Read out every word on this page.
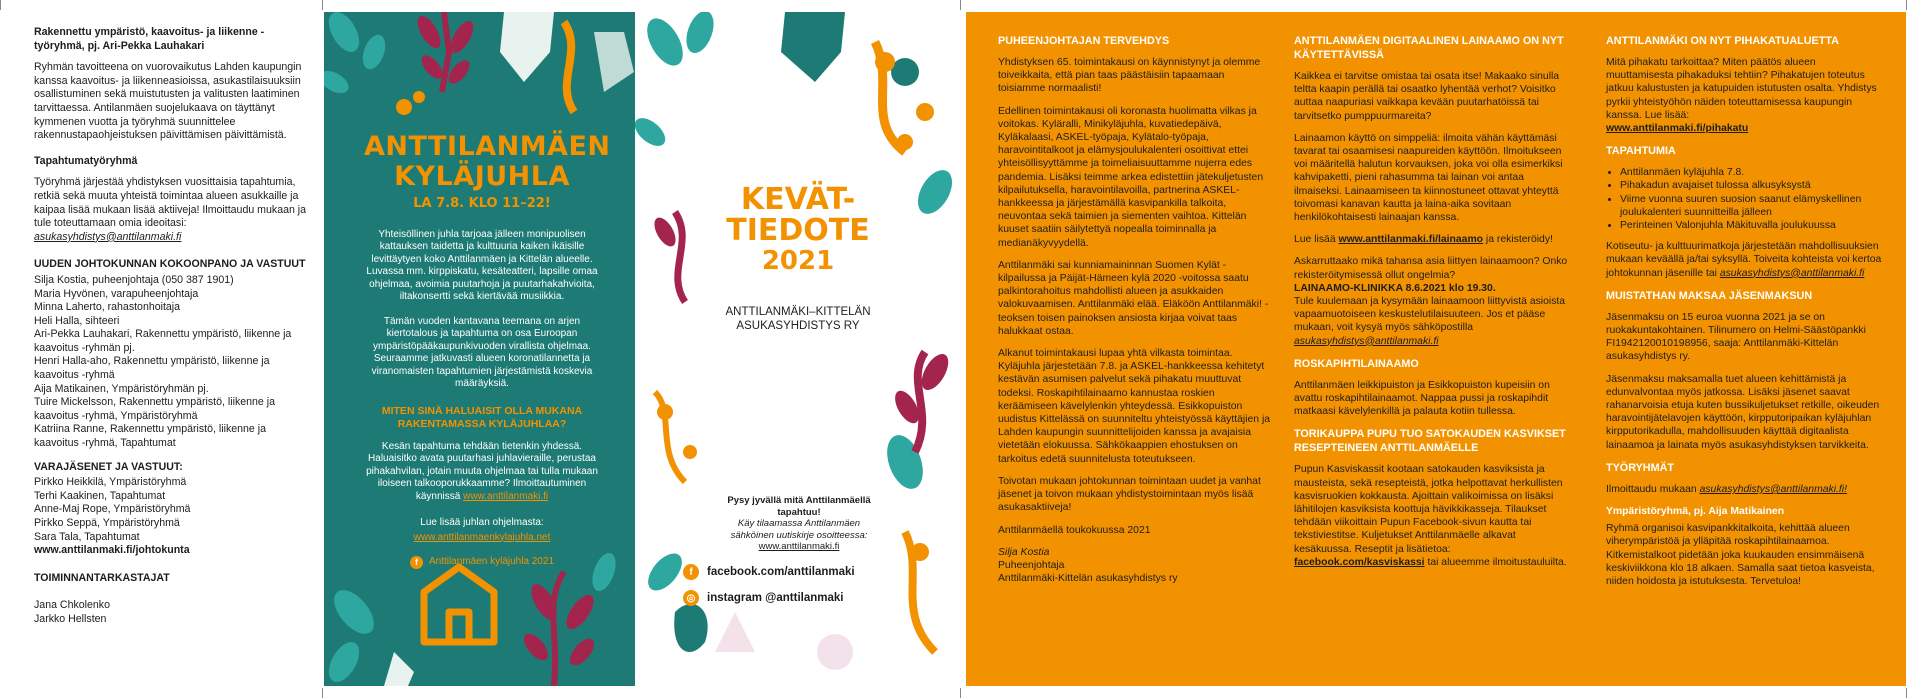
Rakennettu ympäristö, kaavoitus- ja liikenne -työryhmä, pj. Ari-Pekka Lauhakari

Ryhmän tavoitteena on vuorovaikutus Lahden kaupungin kanssa kaavoitus- ja liikenneasioissa, asukastilaisuuksiin osallistuminen sekä muistutusten ja valitusten laatiminen tarvittaessa. Antilanmäen suojelukaava on täyttänyt kymmenen vuotta ja työryhmä suunnittelee rakennustapaohjeistuksen päivittämisen päivittämistä.

Tapahtumatyöryhmä

Työryhmä järjestää yhdistyksen vuosittaisia tapahtumia, retkiä sekä muuta yhteistä toimintaa alueen asukkaille ja kaipaa lisää mukaan lisää aktiiveja! Ilmoittaudu mukaan ja tule toteuttamaan omia ideoitasi: asukasyhdistys@anttilanmaki.fi

UUDEN JOHTOKUNNAN KOKOONPANO JA VASTUUT

Silja Kostia, puheenjohtaja (050 387 1901)
Maria Hyvönen, varapuheenjohtaja
Minna Laherto, rahastonhoitaja
Heli Halla, sihteeri
Ari-Pekka Lauhakari, Rakennettu ympäristö, liikenne ja kaavoitus -ryhmän pj.
Henri Halla-aho, Rakennettu ympäristö, liikenne ja kaavoitus -ryhmä
Aija Matikainen, Ympäristöryhmän pj.
Tuire Mickelsson, Rakennettu ympäristö, liikenne ja kaavoitus -ryhmä, Ympäristöryhmä
Katriina Ranne, Rakennettu ympäristö, liikenne ja kaavoitus -ryhmä, Tapahtumat

VARAJÄSENET JA VASTUUT:

Pirkko Heikkilä, Ympäristöryhmä
Terhi Kaakinen, Tapahtumat
Anne-Maj Rope, Ympäristöryhmä
Pirkko Seppä, Ympäristöryhmä
Sara Tala, Tapahtumat

www.anttilanmaki.fi/johtokunta

TOIMINNANTARKASTAJAT

Jana Chkolenko
Jarkko Hellsten
ANTTILANMÄEN KYLÄJUHLA
LA 7.8. KLO 11–22!

Yhteisöllinen juhla tarjoaa jälleen monipuolisen kattauksen taidetta ja kulttuuria kaiken ikäisille levittäytyen koko Anttilanmäen ja Kittelän alueelle. Luvassa mm. kirppiskatu, kesäteatteri, lapsille omaa ohjelmaa, avoimia puutarhoja ja puutarhakahvioita, iltakonsertti sekä kiertävää musiikkia.

Tämän vuoden kantavana teemana on arjen kiertotalous ja tapahtuma on osa Euroopan ympäristöpääkaupunkivuoden virallista ohjelmaa. Seuraamme jatkuvasti alueen koronatilannetta ja viranomaisten tapahtumien järjestämistä koskevia määräyksiä.

MITEN SINÄ HALUAISIT OLLA MUKANA RAKENTAMASSA KYLÄJUHLAA?

Kesän tapahtuma tehdään tietenkin yhdessä. Haluaisitko avata puutarhasi juhlavieraille, perustaa pihakahvilan, jotain muuta ohjelmaa tai tulla mukaan iloiseen talkooporukkaamme? Ilmoittautuminen käynnissä www.anttilanmaki.fi

Lue lisää juhlan ohjelmasta:

www.anttilanmaenkylajuhla.net

f	Anttilanmäen kyläjuhla 2021

KEVÄT-
TIEDOTE
2021
ANTTILANMÄKI–KITTELÄN ASUKASYHDISTYS RY
Pysy jyvällä mitä Anttilanmäellä tapahtuu!
Käy tilaamassa Anttilanmäen sähköinen uutiskirje osoitteessa:
www.anttilanmaki.fi
f	facebook.com/anttilanmaki
◎	instagram @anttilanmaki
PUHEENJOHTAJAN TERVEHDYS

Yhdistyksen 65. toimintakausi on käynnistynyt ja olemme toiveikkaita, että pian taas päästäisiin tapaamaan toisiamme normaalisti!

Edellinen toimintakausi oli koronasta huolimatta vilkas ja voitokas. Kyläralli, Minikyläjuhla, kuvatiedepäivä, Kyläkalaasi, ASKEL-työpaja, Kylätalo-työpaja, haravointitalkoot ja elämysjoulukalenteri osoittivat ettei yhteisöllisyyttämme ja toimeliaisuuttamme nujerra edes pandemia. Lisäksi teimme arkea edistettiin jätekuljetusten kilpailutuksella, haravointilavoilla, partnerina ASKEL-hankkeessa ja järjestämällä kasvipankilla talkoita, neuvontaa sekä taimien ja siementen vaihtoa. Kittelän kuuset saatiin säilytettyä nopealla toiminnalla ja medianäkyvyydellä.

Anttilanmäki sai kunniamaininnan Suomen Kylät -kilpailussa ja Päijät-Hämeen kylä 2020 -voitossa saatu palkintorahoitus mahdollisti alueen ja asukkaiden valokuvaamisen. Anttilanmäki elää. Eläköön Anttilanmäki! -teoksen toisen painoksen ansiosta kirjaa voivat taas halukkaat ostaa.

Alkanut toimintakausi lupaa yhtä vilkasta toimintaa. Kyläjuhla järjestetään 7.8. ja ASKEL-hankkeessa kehitetyt kestävän asumisen palvelut sekä pihakatu muuttuvat todeksi. Roskapihtilainaamo kannustaa roskien keräämiseen kävelylenkin yhteydessä. Esikkopuiston uudistus Kittelässä on suunniteltu yhteistyössä käyttäjien ja Lahden kaupungin suunnittelijoiden kanssa ja avajaisia vietetään elokuussa. Sähkökaappien ehostuksen on tarkoitus edetä suunnitelusta toteutukseen.

Toivotan mukaan johtokunnan toimintaan uudet ja vanhat jäsenet ja toivon mukaan yhdistystoimintaan myös lisää asukasaktiiveja!

Anttilanmäellä toukokuussa 2021

Silja Kostia
Puheenjohtaja
Anttilanmäki-Kittelän asukasyhdistys ry
ANTTILANMÄEN DIGITAALINEN LAINAAMO ON NYT KÄYTETTÄVISSÄ

Kaikkea ei tarvitse omistaa tai osata itse! Makaako sinulla teltta kaapin perällä tai osaatko lyhentää verhot? Voisitko auttaa naapuriasi vaikkapa kevään puutarhatöissä tai tarvitsetko pumppuurmareita?

Lainaamon käyttö on simppeliä: ilmoita vähän käyttämäsi tavarat tai osaamisesi naapureiden käyttöön. Ilmoitukseen voi määritellä halutun korvauksen, joka voi olla esimerkiksi kahvipaketti, pieni rahasumma tai lainan voi antaa ilmaiseksi. Lainaamiseen ta kiinnostuneet ottavat yhteyttä toivomasi kanavan kautta ja laina-aika sovitaan henkilökohtaisesti lainaajan kanssa.

Lue lisää www.anttilanmaki.fi/lainaamo ja rekisteröidy!

Askarruttaako mikä tahansa asia liittyen lainaamoon? Onko rekisteröitymisessä ollut ongelmia?
LAINAAMO-KLINIKKA 8.6.2021 klo 19.30.
Tule kuulemaan ja kysymään lainaamoon liittyvistä asioista vapaamuotoiseen keskustelutilaisuuteen. Jos et pääse mukaan, voit kysyä myös sähköpostilla asukasyhdistys@anttilanmaki.fi

ROSKAPIHTILAINAAMO

Anttilanmäen leikkipuiston ja Esikkopuiston kupeisiin on avattu roskapihtilainaamot. Nappaa pussi ja roskapihdit matkaasi kävelylenkillä ja palauta kotiin tullessa.

TORIKAUPPA PUPU TUO SATOKAUDEN KASVIKSET RESEPTEINEEN ANTTILANMÄELLE

Pupun Kasviskassit kootaan satokauden kasviksista ja mausteista, sekä resepteistä, jotka helpottavat herkullisten kasvisruokien kokkausta. Ajoittain valikoimissa on lisäksi lähitilojen kasviksista koottuja hävikkikasseja. Tilaukset tehdään viikoittain Pupun Facebook-sivun kautta tai tekstiviestitse. Kuljetukset Anttilanmäelle alkavat kesäkuussa. Reseptit ja lisätietoa: facebook.com/kasviskassi tai alueemme ilmoitustauluilta.

ANTTILANMÄKI ON NYT PIHAKATUALUETTA

Mitä pihakatu tarkoittaa? Miten päätös alueen muuttamisesta pihakaduksi tehtiin? Pihakatujen toteutus jatkuu kalustusten ja katupuiden istutusten osalta. Yhdistys pyrkii yhteistyöhön näiden toteuttamisessa kaupungin kanssa. Lue lisää:
www.anttilanmaki.fi/pihakatu

TAPAHTUMIA
• Anttilanmäen kyläjuhla 7.8.
• Pihakadun avajaiset tulossa alkusyksystä
• Viime vuonna suuren suosion saanut elämyskellinen joulukalenteri suunnitteilla jälleen
• Perinteinen Valonjuhla Mäkituvalla joulukuussa

Kotiseutu- ja kulttuurimatkoja järjestetään mahdollisuuksien mukaan keväällä ja/tai syksyllä. Toiveita kohteista voi kertoa johtokunnan jäsenille tai asukasyhdistys@anttilanmaki.fi

MUISTATHAN MAKSAA JÄSENMAKSUN

Jäsenmaksu on 15 euroa vuonna 2021 ja se on ruokakuntakohtainen. Tilinumero on Helmi-Säästöpankki FI1942120010198956, saaja: Anttilanmäki-Kittelän asukasyhdistys ry.

Jäsenmaksu maksamalla tuet alueen kehittämistä ja edunvalvontaa myös jatkossa. Lisäksi jäsenet saavat rahanarvoisia etuja kuten bussikuljetukset retkille, oikeuden haravointijätelavojen käyttöön, kirpputoripaikan kyläjuhlan kirpputorikadulla, mahdollisuuden käyttää digitaalista lainaamoa ja lainata myös asukasyhdistyksen tarvikkeita.

TYÖRYHMÄT

Ilmoittaudu mukaan asukasyhdistys@anttilanmaki.fi!

Ympäristöryhmä, pj. Aija Matikainen

Ryhmä organisoi kasvipankkitalkoita, kehittää alueen viherympäristöä ja ylläpitää roskapihtilainaamoa. Kitkemistalkoot pidetään joka kuukauden ensimmäisenä keskiviikkona klo 18 alkaen. Samalla saat tietoa kasveista, niiden hoidosta ja istutuksesta. Tervetuloa!
